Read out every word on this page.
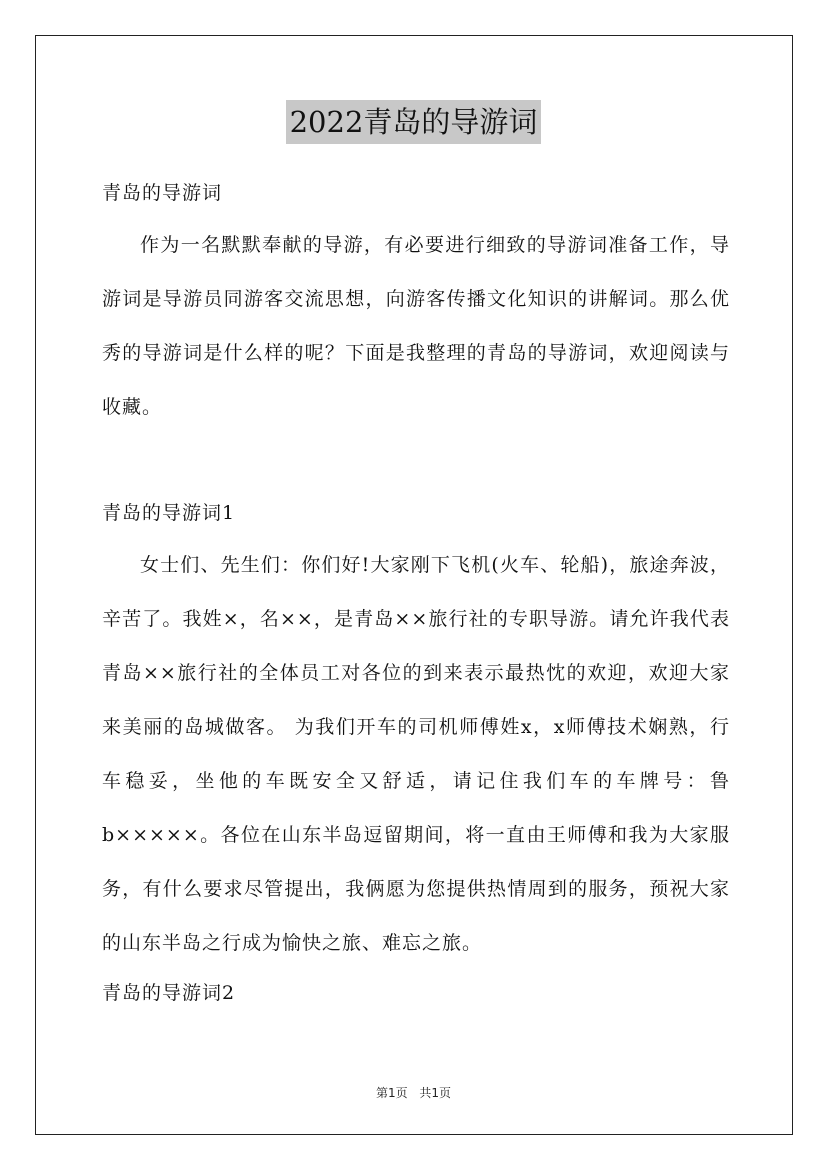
2022青岛的导游词

青岛的导游词

作为一名默默奉献的导游，有必要进行细致的导游词准备工作，导游词是导游员同游客交流思想，向游客传播文化知识的讲解词。那么优秀的导游词是什么样的呢？下面是我整理的青岛的导游词，欢迎阅读与收藏。

青岛的导游词1

女士们、先生们：你们好!大家刚下飞机(火车、轮船)，旅途奔波，辛苦了。我姓×，名××，是青岛××旅行社的专职导游。请允许我代表青岛××旅行社的全体员工对各位的到来表示最热忱的欢迎，欢迎大家来美丽的岛城做客。 为我们开车的司机师傅姓x，x师傅技术娴熟，行车稳妥，坐他的车既安全又舒适，请记住我们车的车牌号：鲁b×××××。各位在山东半岛逗留期间，将一直由王师傅和我为大家服务，有什么要求尽管提出，我俩愿为您提供热情周到的服务，预祝大家的山东半岛之行成为愉快之旅、难忘之旅。

青岛的导游词2

第1页 共1页
